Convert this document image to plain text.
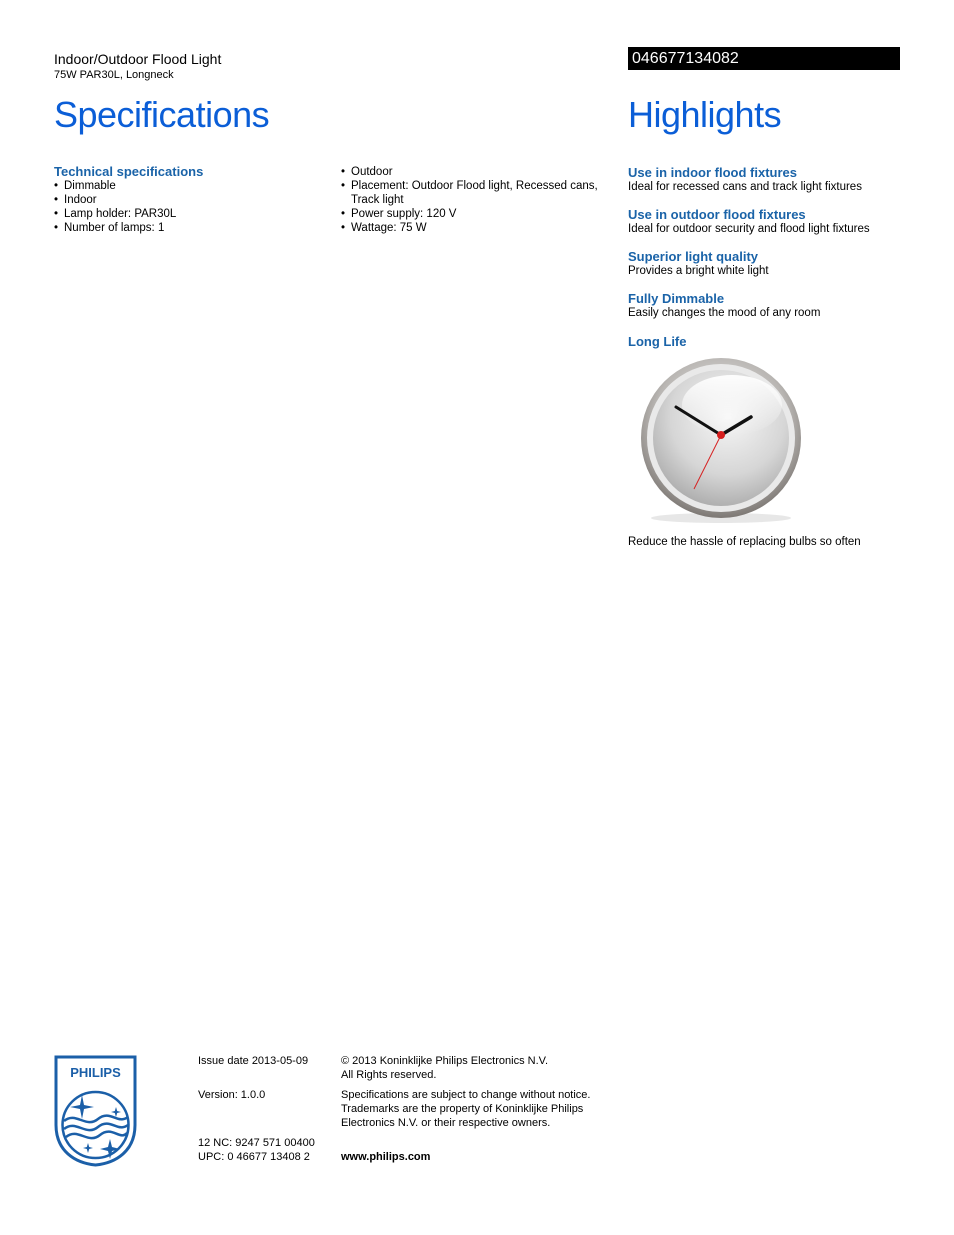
Indoor/Outdoor Flood Light
75W PAR30L, Longneck
046677134082
Specifications
Technical specifications
• Dimmable
• Indoor
• Lamp holder: PAR30L
• Number of lamps: 1
• Outdoor
• Placement: Outdoor Flood light, Recessed cans, Track light
• Power supply: 120 V
• Wattage: 75 W
Highlights
Use in indoor flood fixtures
Ideal for recessed cans and track light fixtures
Use in outdoor flood fixtures
Ideal for outdoor security and flood light fixtures
Superior light quality
Provides a bright white light
Fully Dimmable
Easily changes the mood of any room
Long Life
Reduce the hassle of replacing bulbs so often
PHILIPS
Issue date 2013-05-09
Version: 1.0.0
12 NC: 9247 571 00400
UPC: 0 46677 13408 2
© 2013 Koninklijke Philips Electronics N.V.
All Rights reserved.
Specifications are subject to change without notice.
Trademarks are the property of Koninklijke Philips
Electronics N.V. or their respective owners.
www.philips.com
